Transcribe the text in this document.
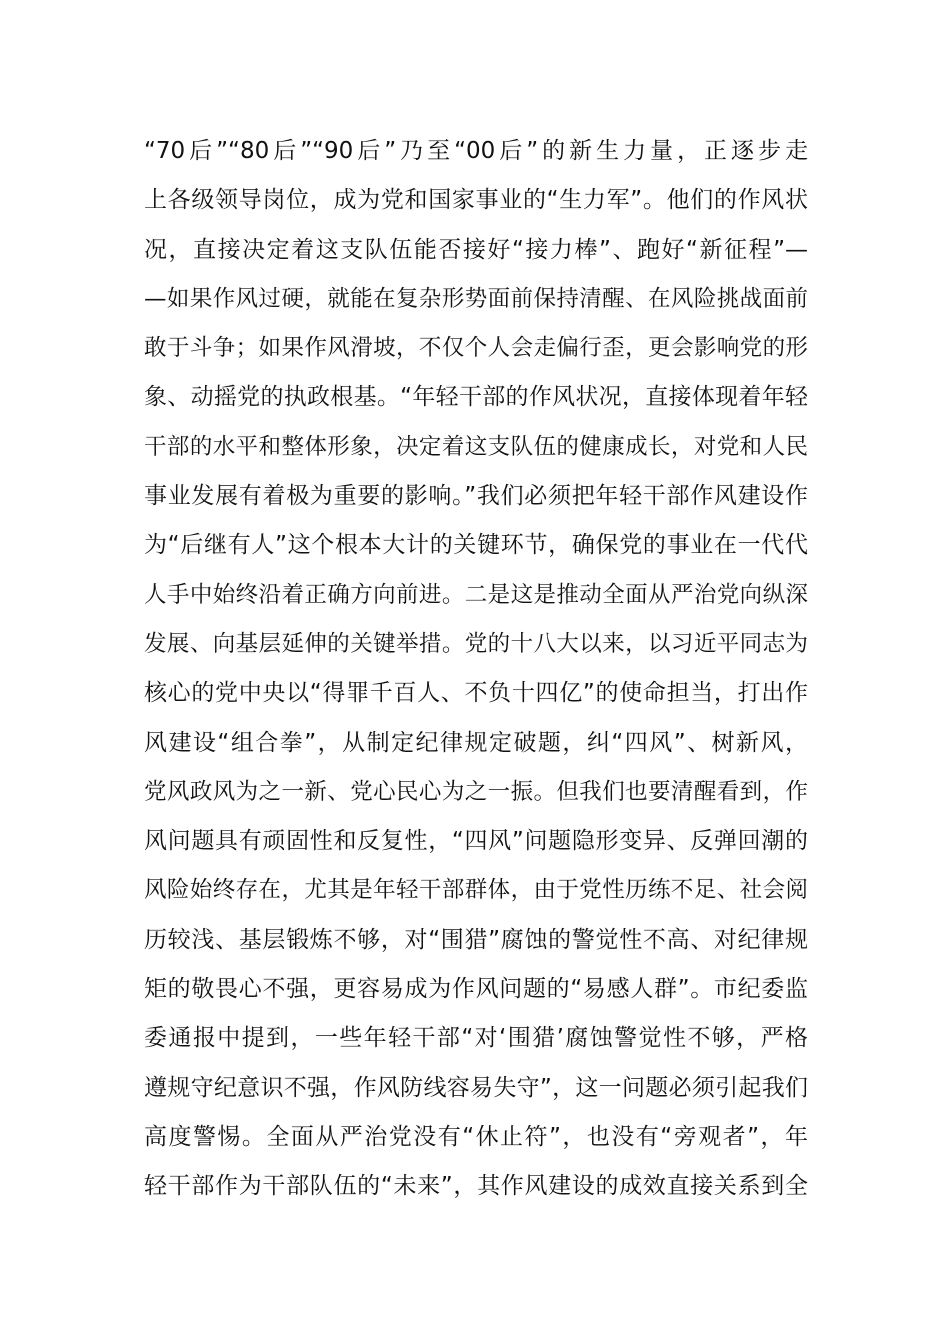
“70后”“80后”“90后”乃至“00后”的新生力量，正逐步走
上各级领导岗位，成为党和国家事业的“生力军”。他们的作风状
况，直接决定着这支队伍能否接好“接力棒”、跑好“新征程”—
—如果作风过硬，就能在复杂形势面前保持清醒、在风险挑战面前
敢于斗争；如果作风滑坡，不仅个人会走偏行歪，更会影响党的形
象、动摇党的执政根基。“年轻干部的作风状况，直接体现着年轻
干部的水平和整体形象，决定着这支队伍的健康成长，对党和人民
事业发展有着极为重要的影响。”我们必须把年轻干部作风建设作
为“后继有人”这个根本大计的关键环节，确保党的事业在一代代
人手中始终沿着正确方向前进。二是这是推动全面从严治党向纵深
发展、向基层延伸的关键举措。党的十八大以来，以习近平同志为
核心的党中央以“得罪千百人、不负十四亿”的使命担当，打出作
风建设“组合拳”，从制定纪律规定破题，纠“四风”、树新风，
党风政风为之一新、党心民心为之一振。但我们也要清醒看到，作
风问题具有顽固性和反复性，“四风”问题隐形变异、反弹回潮的
风险始终存在，尤其是年轻干部群体，由于党性历练不足、社会阅
历较浅、基层锻炼不够，对“围猎”腐蚀的警觉性不高、对纪律规
矩的敬畏心不强，更容易成为作风问题的“易感人群”。市纪委监
委通报中提到，一些年轻干部“对‘围猎’腐蚀警觉性不够，严格
遵规守纪意识不强，作风防线容易失守”，这一问题必须引起我们
高度警惕。全面从严治党没有“休止符”，也没有“旁观者”，年
轻干部作为干部队伍的“未来”，其作风建设的成效直接关系到全
